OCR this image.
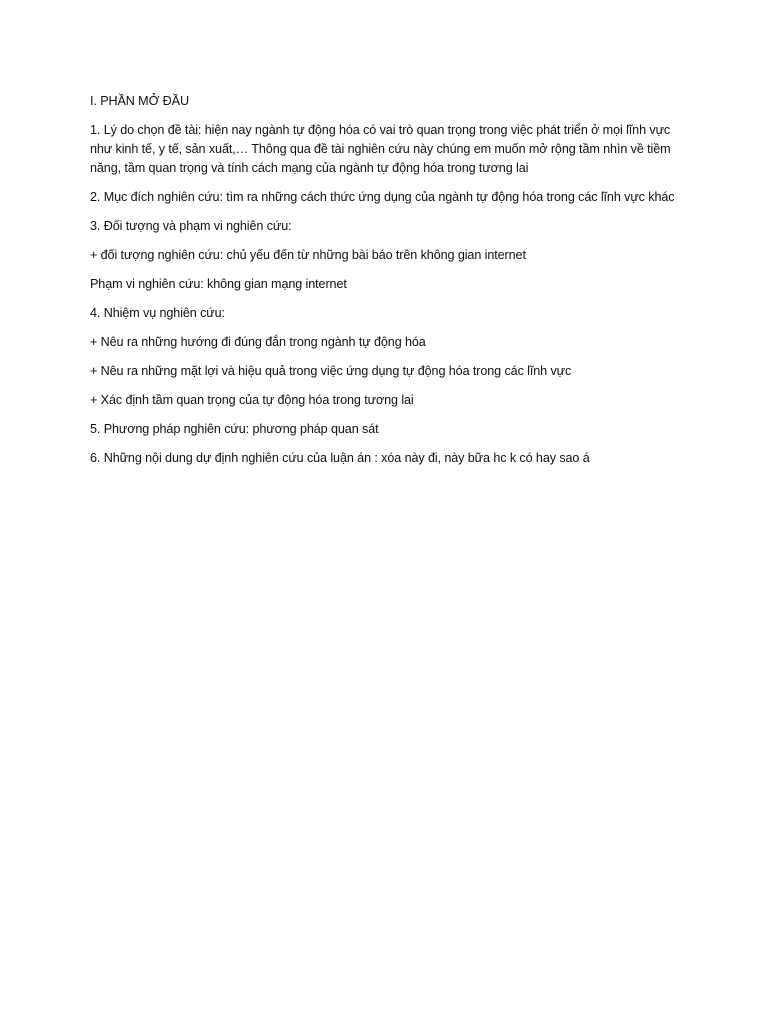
I. PHẦN MỞ ĐẦU

1. Lý do chọn đề tài: hiện nay ngành tự động hóa có vai trò quan trọng trong việc phát triển ở mọi lĩnh vực như kinh tế, y tế, sản xuất,… Thông qua đề tài nghiên cứu này chúng em muốn mở rộng tầm nhìn về tiềm năng, tầm quan trọng và tính cách mạng của ngành tự động hóa trong tương lai

2. Mục đích nghiên cứu: tìm ra những cách thức ứng dụng của ngành tự động hóa trong các lĩnh vực khác

3. Đối tượng và phạm vi nghiên cứu:

+ đối tượng nghiên cứu: chủ yếu đến từ những bài báo trên không gian internet

Phạm vi nghiên cứu: không gian mạng internet

4. Nhiệm vụ nghiên cứu:

+ Nêu ra những hướng đi đúng đắn trong ngành tự động hóa

+ Nêu ra những mặt lợi và hiệu quả trong việc ứng dụng tự động hóa trong các lĩnh vực

+ Xác định tầm quan trọng của tự động hóa trong tương lai

5. Phương pháp nghiên cứu: phương pháp quan sát

6. Những nội dung dự định nghiên cứu của luận án : xóa này đi, này bữa hc k có hay sao á
